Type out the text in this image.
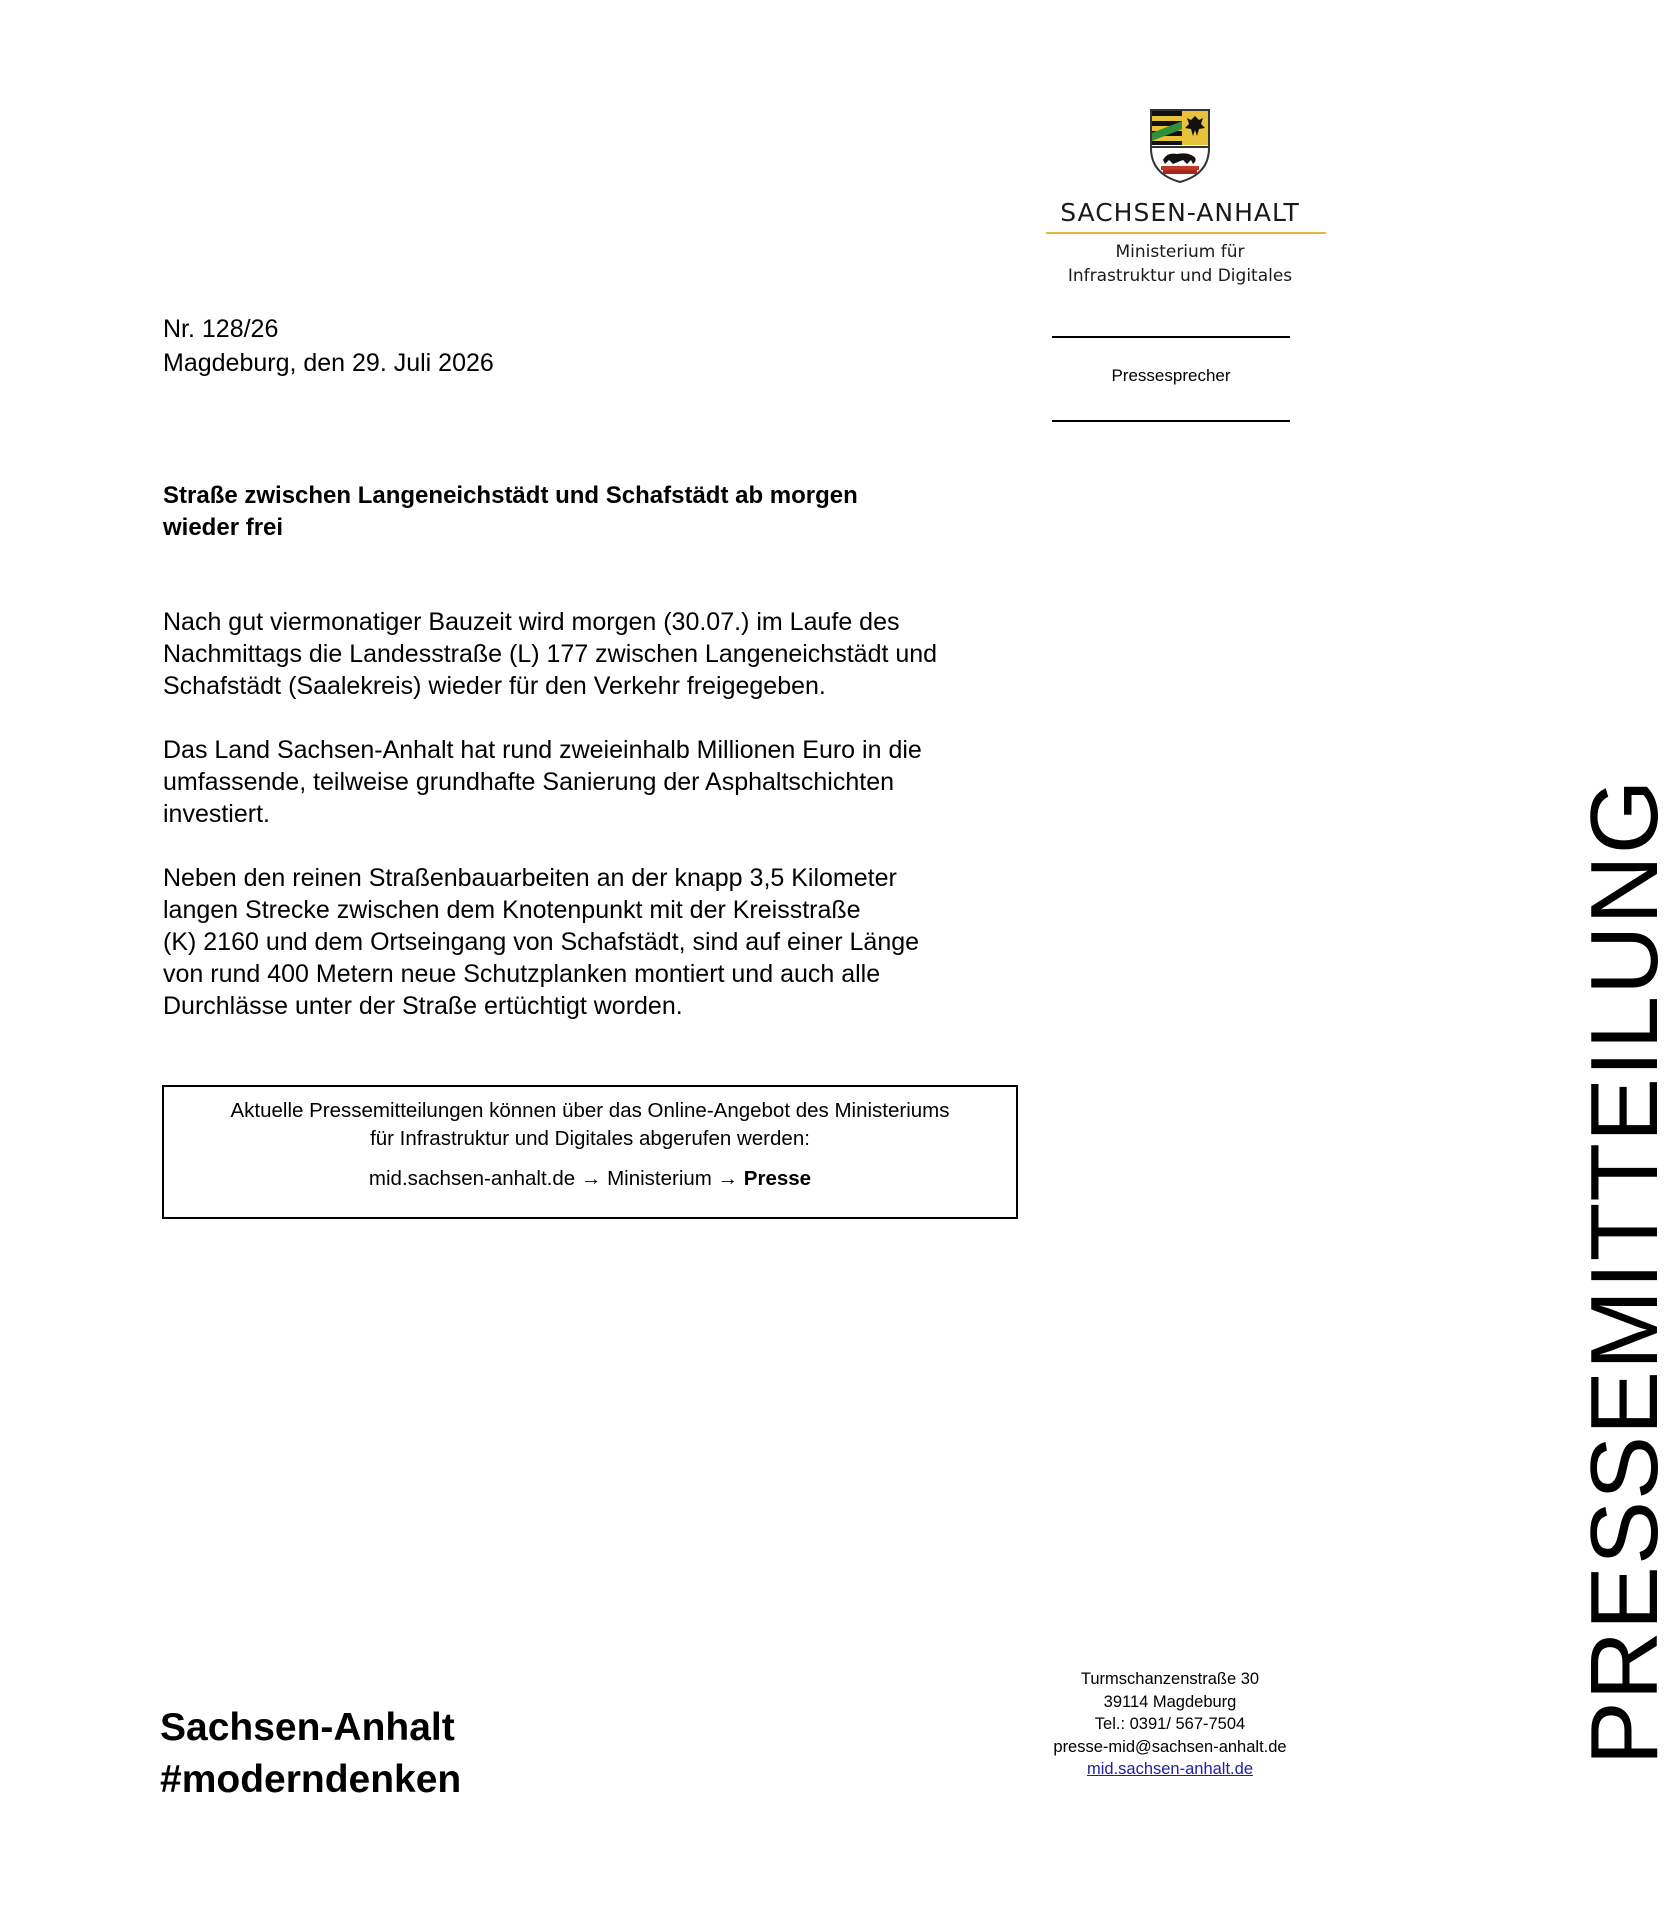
SACHSEN-ANHALT
Ministerium für
Infrastruktur und Digitales
Pressesprecher
PRESSEMITTEILUNG
Nr. 128/26
Magdeburg, den 29. Juli 2026
Straße zwischen Langeneichstädt und Schafstädt ab morgen
wieder frei

Nach gut viermonatiger Bauzeit wird morgen (30.07.) im Laufe des
Nachmittags die Landesstraße (L) 177 zwischen Langeneichstädt und
Schafstädt (Saalekreis) wieder für den Verkehr freigegeben.

Das Land Sachsen-Anhalt hat rund zweieinhalb Millionen Euro in die
umfassende, teilweise grundhafte Sanierung der Asphaltschichten
investiert.

Neben den reinen Straßenbauarbeiten an der knapp 3,5 Kilometer
langen Strecke zwischen dem Knotenpunkt mit der Kreisstraße
(K) 2160 und dem Ortseingang von Schafstädt, sind auf einer Länge
von rund 400 Metern neue Schutzplanken montiert und auch alle
Durchlässe unter der Straße ertüchtigt worden.

Aktuelle Pressemitteilungen können über das Online-Angebot des Ministeriums
für Infrastruktur und Digitales abgerufen werden:
mid.sachsen-anhalt.de → Ministerium → Presse
Sachsen-Anhalt
#moderndenken
Turmschanzenstraße 30
39114 Magdeburg
Tel.: 0391/ 567-7504
presse-mid@sachsen-anhalt.de
mid.sachsen-anhalt.de
